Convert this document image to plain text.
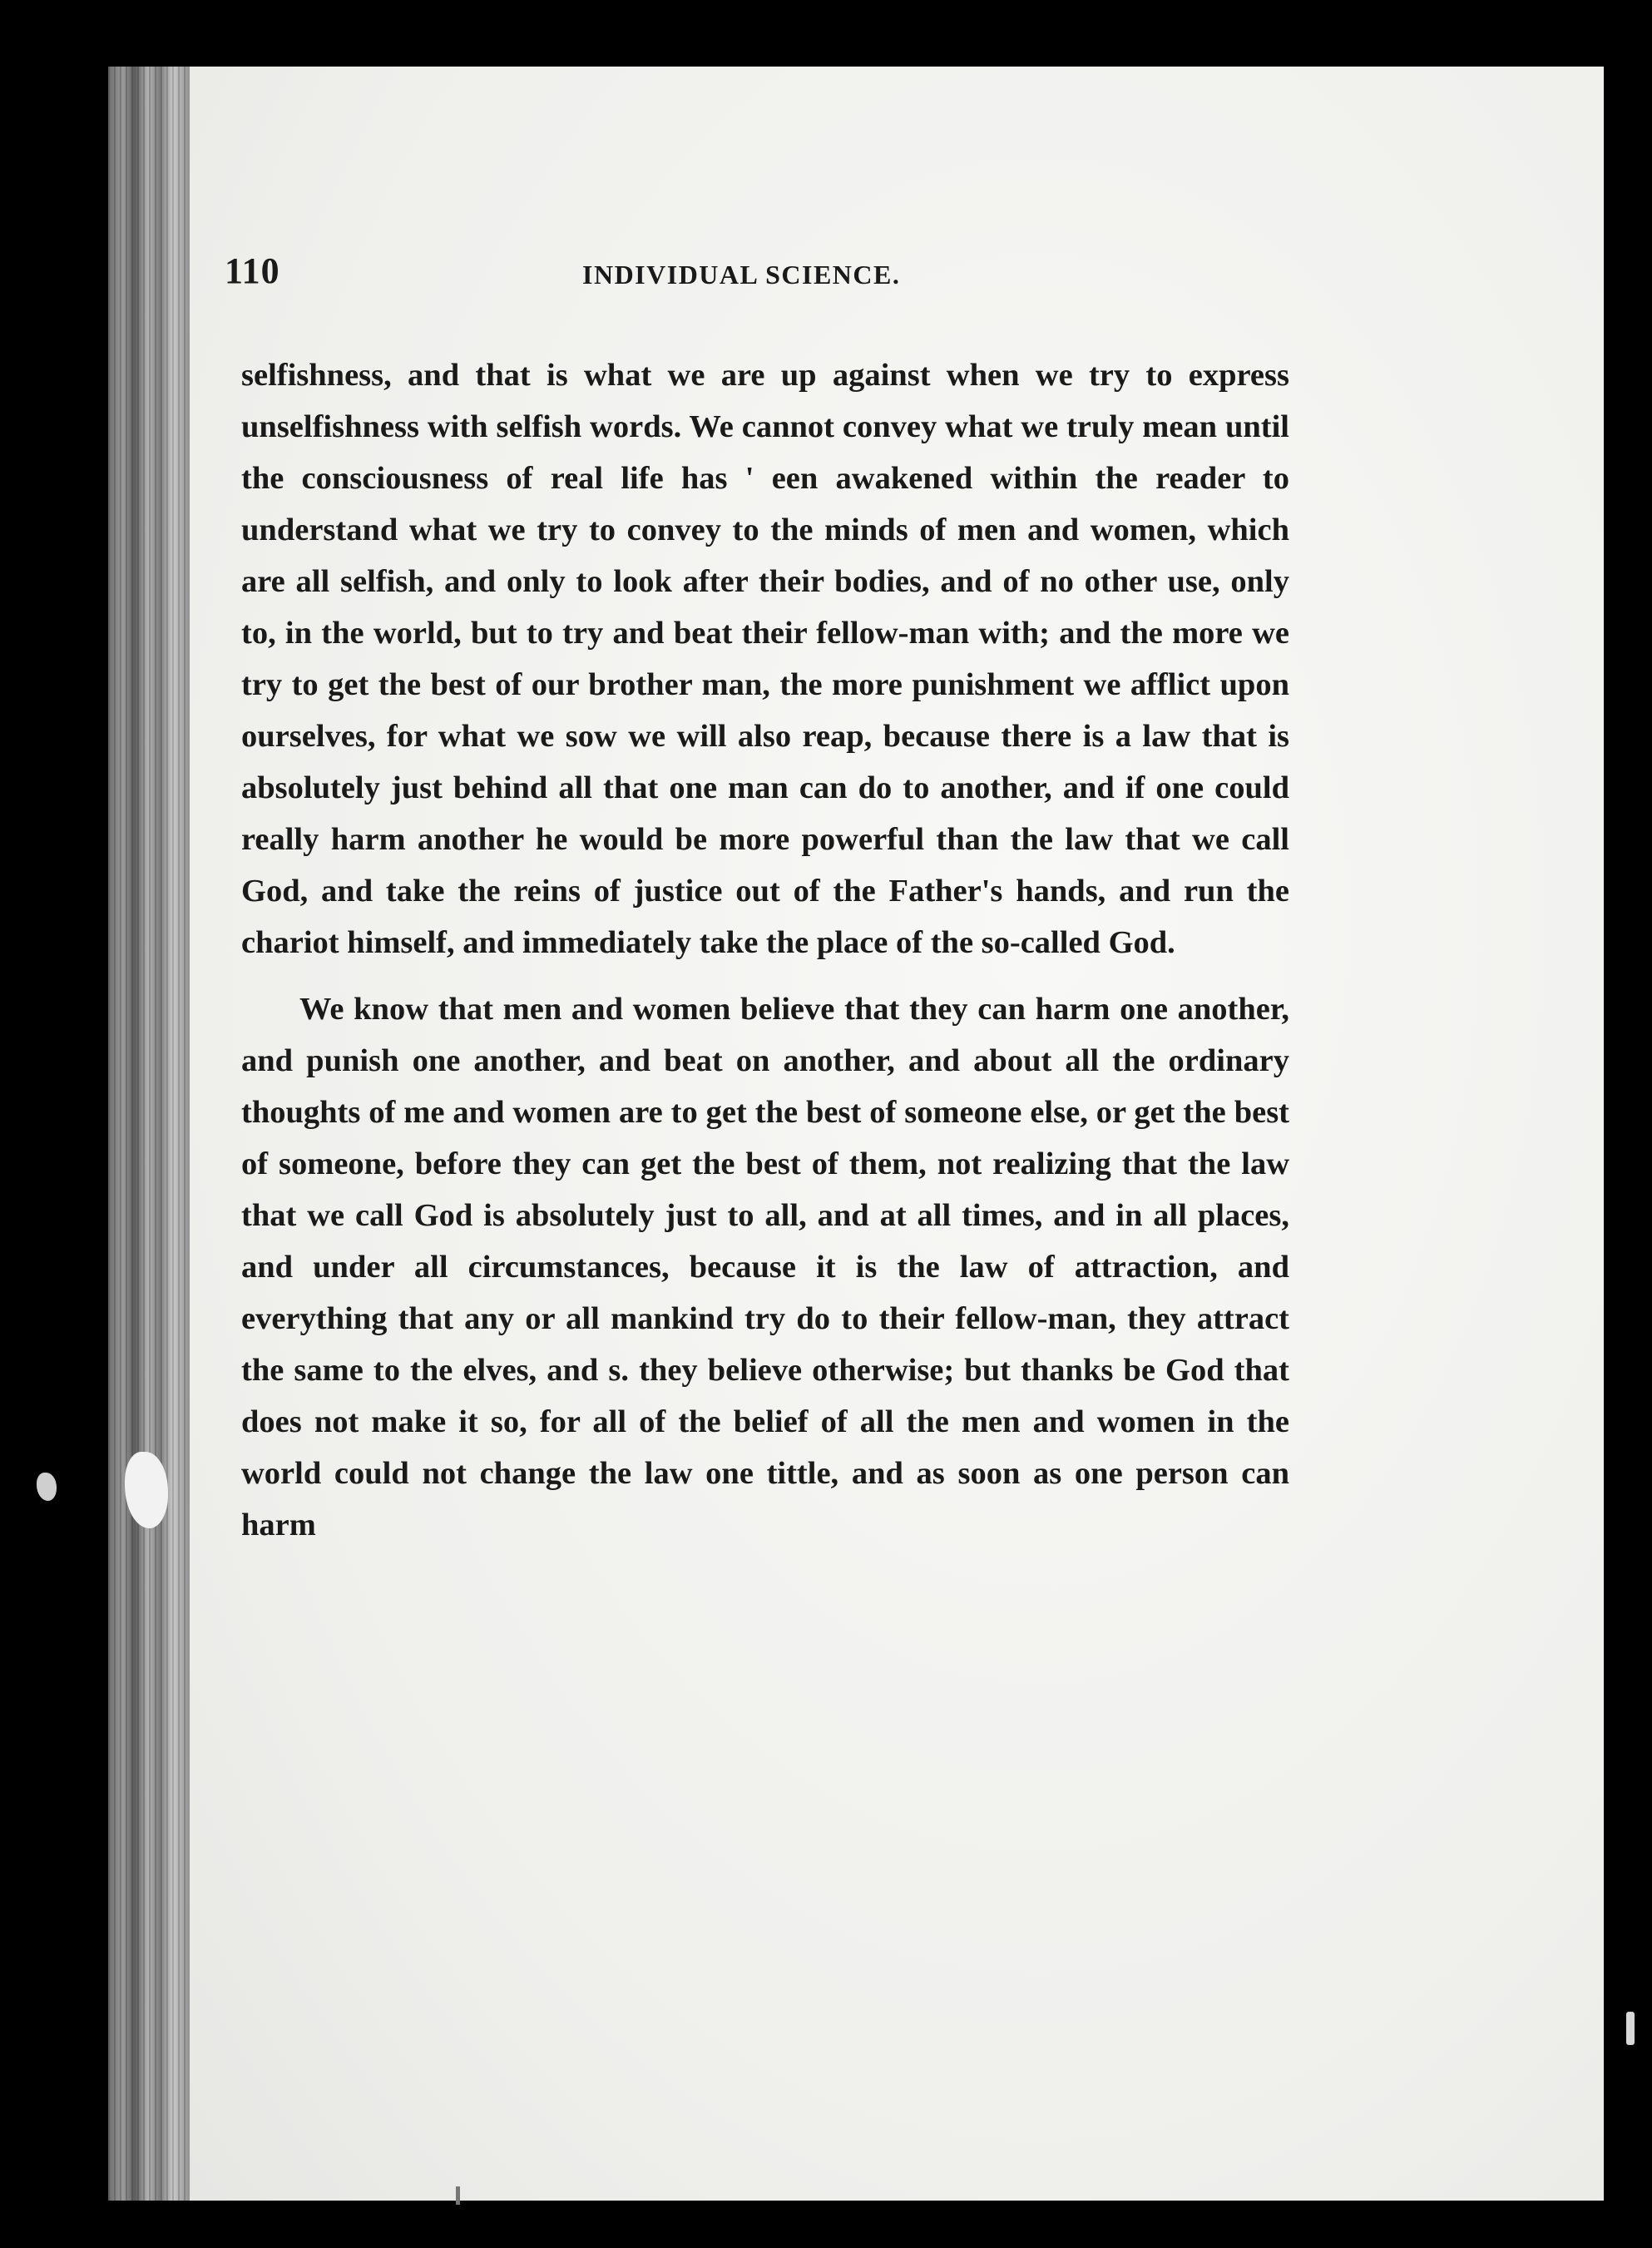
110	INDIVIDUAL SCIENCE.

selfishness, and that is what we are up against when we try to express unselfishness with selfish words. We cannot convey what we truly mean until the consciousness of real life has ' een awakened within the reader to understand what we try to convey to the minds of men and women, which are all selfish, and only to look after their bodies, and of no other use, only to, in the world, but to try and beat their fellow-man with; and the more we try to get the best of our brother man, the more punishment we afflict upon ourselves, for what we sow we will also reap, because there is a law that is absolutely just behind all that one man can do to another, and if one could really harm another he would be more powerful than the law that we call God, and take the reins of justice out of the Father's hands, and run the chariot himself, and immediately take the place of the so-called God.

We know that men and women believe that they can harm one another, and punish one another, and beat on another, and about all the ordinary thoughts of me and women are to get the best of someone else, or get the best of someone, before they can get the best of them, not realizing that the law that we call God is absolutely just to all, and at all times, and in all places, and under all circumstances, because it is the law of attraction, and everything that any or all mankind try do to their fellow-man, they attract the same to the elves, and s. they believe otherwise; but thanks be God that does not make it so, for all of the belief of all the men and women in the world could not change the law one tittle, and as soon as one person can harm
